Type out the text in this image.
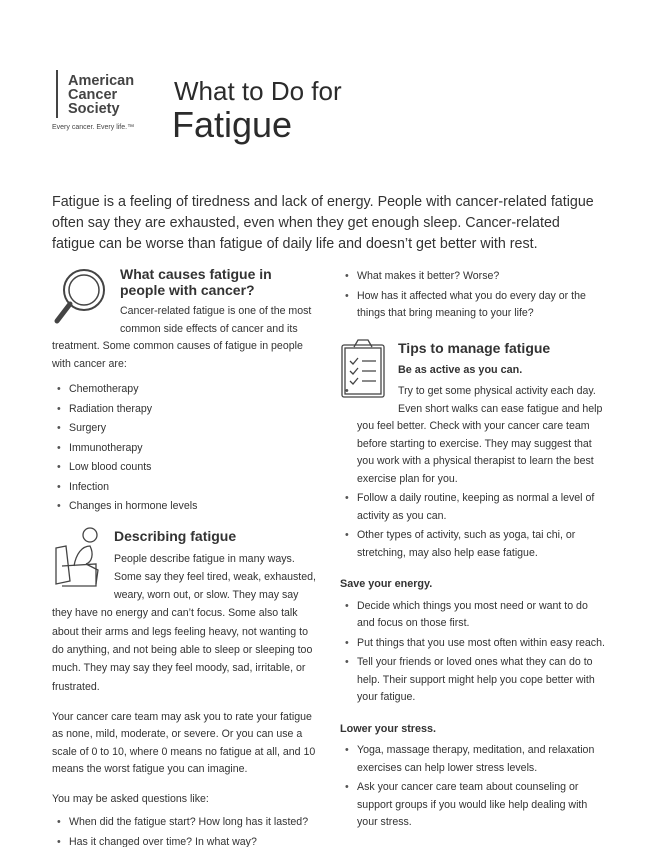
American
Cancer
Society
Every cancer. Every life.™
What to Do for
Fatigue

Fatigue is a feeling of tiredness and lack of energy. People with cancer-related fatigue often say they are exhausted, even when they get enough sleep. Cancer-related fatigue can be worse than fatigue of daily life and doesn’t get better with rest.

What causes fatigue in people with cancer?

Cancer-related fatigue is one of the most common side effects of cancer and its treatment. Some common causes of fatigue in people with cancer are:

• Chemotherapy
• Radiation therapy
• Surgery
• Immunotherapy
• Low blood counts
• Infection
• Changes in hormone levels
Describing fatigue

People describe fatigue in many ways. Some say they feel tired, weak, exhausted, weary, worn out, or slow. They may say they have no energy and can’t focus. Some also talk about their arms and legs feeling heavy, not wanting to do anything, and not being able to sleep or sleeping too much. They may say they feel moody, sad, irritable, or frustrated.

Your cancer care team may ask you to rate your fatigue as none, mild, moderate, or severe. Or you can use a scale of 0 to 10, where 0 means no fatigue at all, and 10 means the worst fatigue you can imagine.

You may be asked questions like:

• When did the fatigue start? How long has it lasted?
• Has it changed over time? In what way?
• What makes it better? Worse?
• How has it affected what you do every day or the things that bring meaning to your life?
Tips to manage fatigue
Be as active as you can.
• Try to get some physical activity each day. Even short walks can ease fatigue and help you feel better. Check with your cancer care team before starting to exercise. They may suggest that you work with a physical therapist to learn the best exercise plan for you.
• Follow a daily routine, keeping as normal a level of activity as you can.
• Other types of activity, such as yoga, tai chi, or stretching, may also help ease fatigue.
Save your energy.
• Decide which things you most need or want to do and focus on those first.
• Put things that you use most often within easy reach.
• Tell your friends or loved ones what they can do to help. Their support might help you cope better with your fatigue.
Lower your stress.
• Yoga, massage therapy, meditation, and relaxation exercises can help lower stress levels.
• Ask your cancer care team about counseling or support groups if you would like help dealing with your stress.
